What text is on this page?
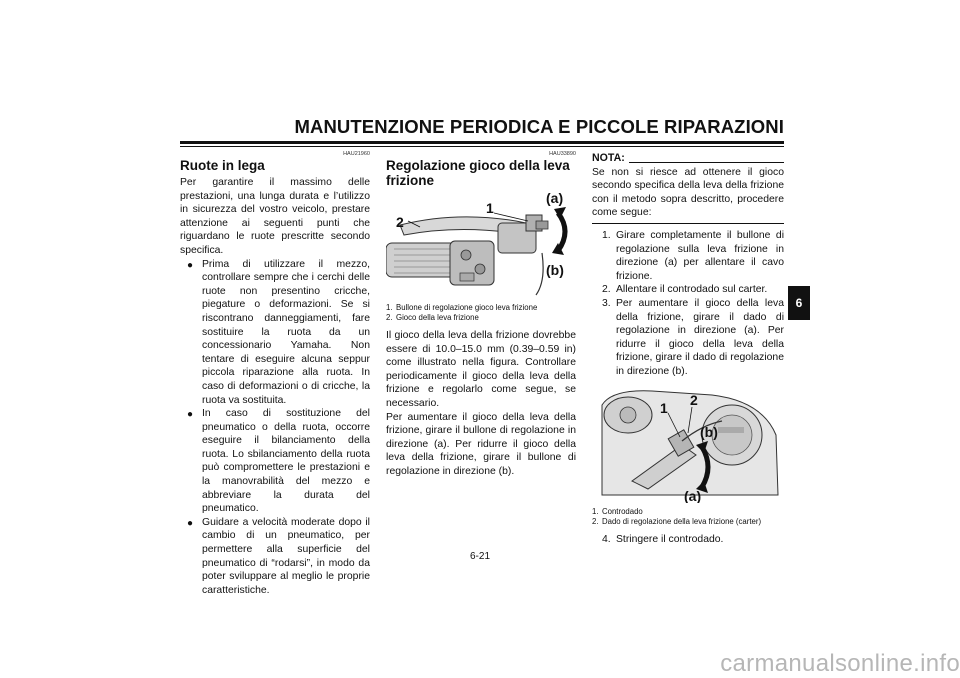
MANUTENZIONE PERIODICA E PICCOLE RIPARAZIONI
HAU21960
Ruote in lega

Per garantire il massimo delle prestazioni, una lunga durata e l’utilizzo in sicurezza del vostro veicolo, prestare attenzione ai seguenti punti che riguardano le ruote prescritte secondo specifica.

● Prima di utilizzare il mezzo, controllare sempre che i cerchi delle ruote non presentino cricche, piegature o deformazioni. Se si riscontrano danneggiamenti, fare sostituire la ruota da un concessionario Yamaha. Non tentare di eseguire alcuna seppur piccola riparazione alla ruota. In caso di deformazioni o di cricche, la ruota va sostituita.
● In caso di sostituzione del pneumatico o della ruota, occorre eseguire il bilanciamento della ruota. Lo sbilanciamento della ruota può compromettere le prestazioni e la manovrabilità del mezzo e abbreviare la durata del pneumatico.
● Guidare a velocità moderate dopo il cambio di un pneumatico, per permettere alla superficie del pneumatico di “rodarsi”, in modo da poter sviluppare al meglio le proprie caratteristiche.
HAU33890
Regolazione gioco della leva frizione
1
2
(a)
(b)
1. Bullone di regolazione gioco leva frizione
2. Gioco della leva frizione

Il gioco della leva della frizione dovrebbe essere di 10.0–15.0 mm (0.39–0.59 in) come illustrato nella figura. Controllare periodicamente il gioco della leva della frizione e regolarlo come segue, se necessario.

Per aumentare il gioco della leva della frizione, girare il bullone di regolazione in direzione (a). Per ridurre il gioco della leva della frizione, girare il bullone di regolazione in direzione (b).

NOTA:

Se non si riesce ad ottenere il gioco secondo specifica della leva della frizione con il metodo sopra descritto, procedere come segue:

1. Girare completamente il bullone di regolazione sulla leva frizione in direzione (a) per allentare il cavo frizione.
2. Allentare il controdado sul carter.
3. Per aumentare il gioco della leva della frizione, girare il dado di regolazione in direzione (a). Per ridurre il gioco della leva della frizione, girare il dado di regolazione in direzione (b).
1 2
(b)
(a)
1. Controdado
2. Dado di regolazione della leva frizione (carter)
4. Stringere il controdado.
6
6-21
carmanualsonline.info
